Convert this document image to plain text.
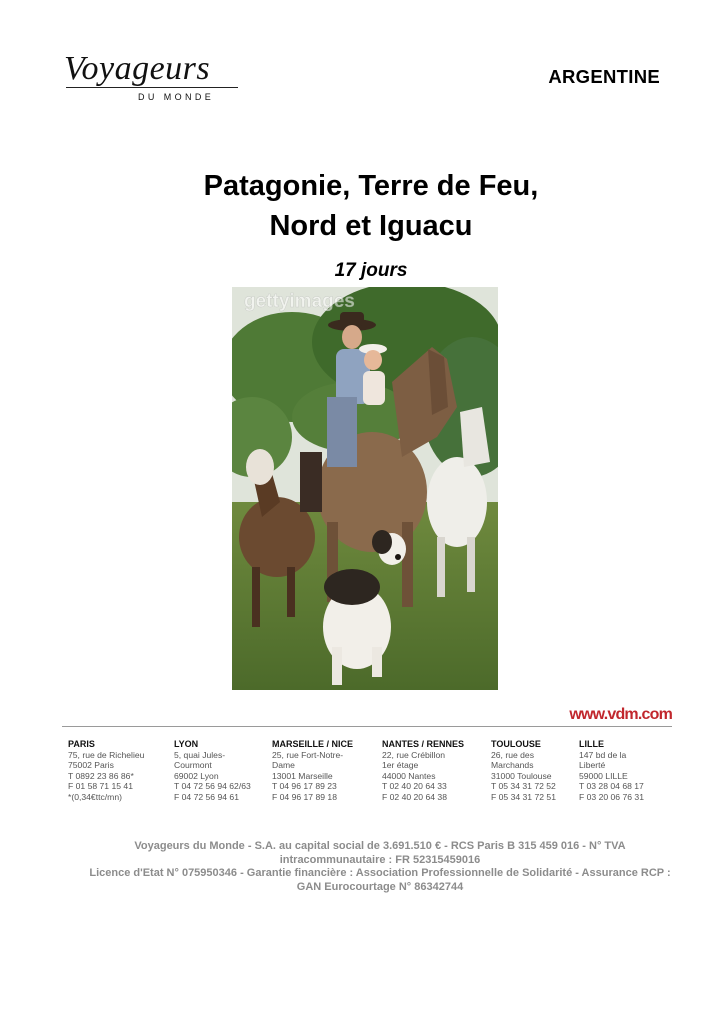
Voyageurs
DU MONDE
ARGENTINE
Patagonie, Terre de Feu,
Nord et Iguacu
17 jours
gettyimages
www.vdm.com
PARIS
75, rue de Richelieu
75002 Paris
T 0892 23 86 86*
F 01 58 71 15 41
*(0,34€ttc/mn)
LYON
5, quai Jules-
Courmont
69002 Lyon
T 04 72 56 94 62/63
F 04 72 56 94 61
MARSEILLE / NICE
25, rue Fort-Notre-
Dame
13001 Marseille
T 04 96 17 89 23
F 04 96 17 89 18
NANTES / RENNES
22, rue Crébillon
1er étage
44000 Nantes
T 02 40 20 64 33
F 02 40 20 64 38
TOULOUSE
26, rue des
Marchands
31000 Toulouse
T 05 34 31 72 52
F 05 34 31 72 51
LILLE
147 bd de la
Liberté
59000 LILLE
T 03 28 04 68 17
F 03 20 06 76 31
Voyageurs du Monde - S.A. au capital social de 3.691.510 € - RCS Paris B 315 459 016 - N° TVA
intracommunautaire : FR 52315459016
Licence d'Etat N° 075950346 - Garantie financière : Association Professionnelle de Solidarité - Assurance RCP :
GAN Eurocourtage N° 86342744
